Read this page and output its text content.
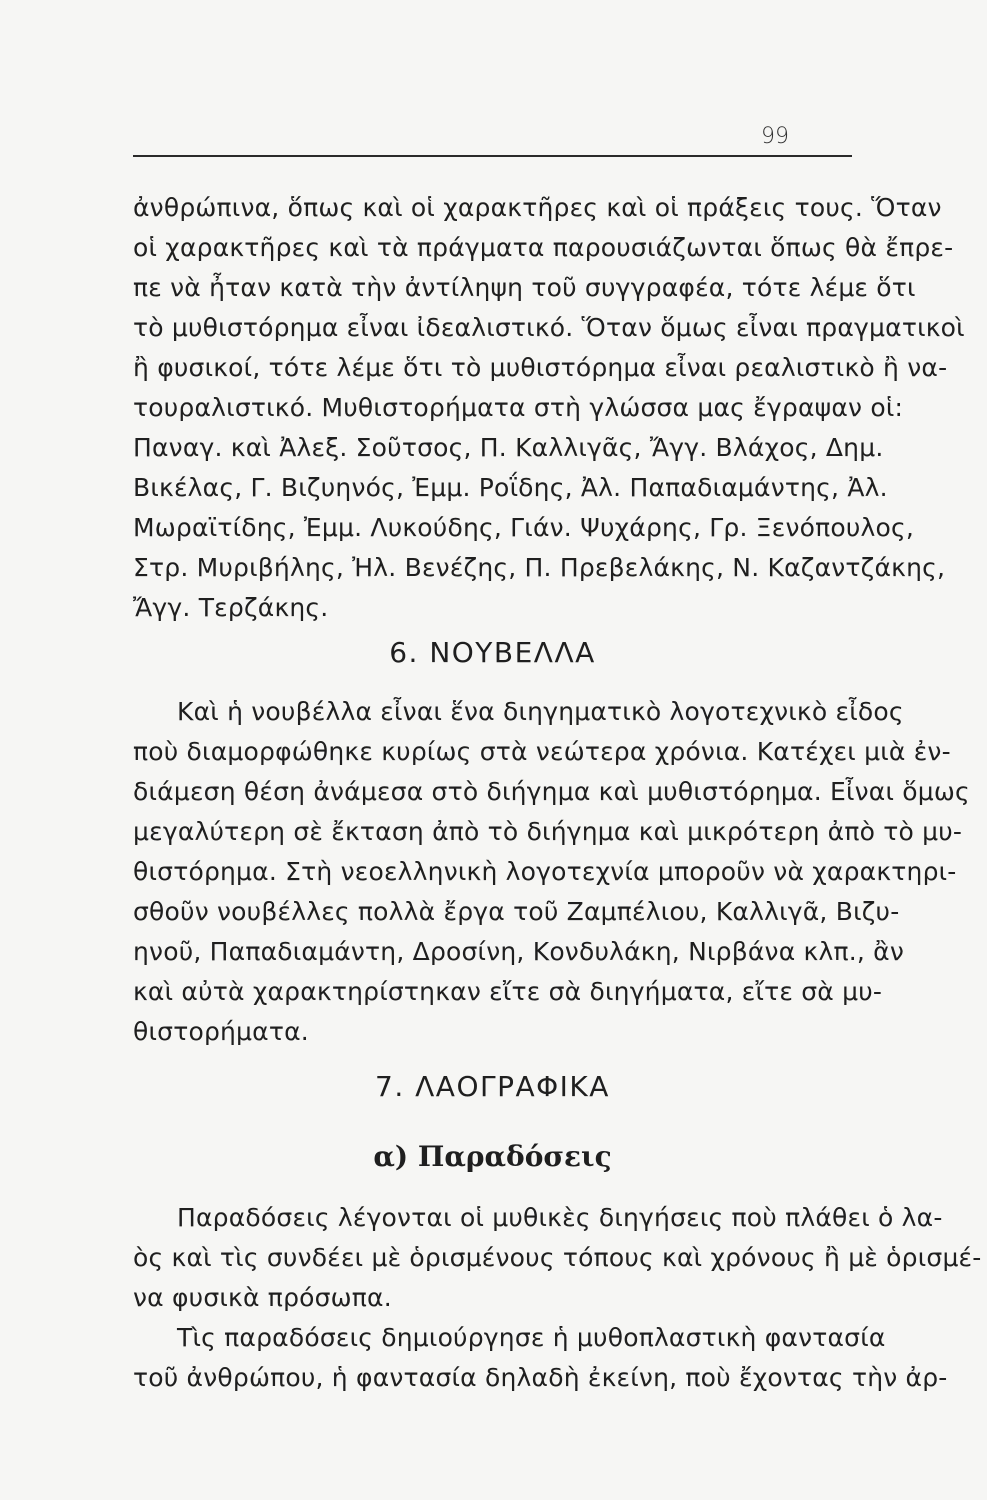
99
ἀνθρώπινα, ὅπως καὶ οἱ χαρακτῆρες καὶ οἱ πράξεις τους. Ὅταν
οἱ χαρακτῆρες καὶ τὰ πράγματα παρουσιάζωνται ὅπως θὰ ἔπρε-
πε νὰ ἦταν κατὰ τὴν ἀντίληψη τοῦ συγγραφέα, τότε λέμε ὅτι
τὸ μυθιστόρημα εἶναι ἰδεαλιστικό. Ὅταν ὅμως εἶναι πραγματικοὶ
ἢ φυσικοί, τότε λέμε ὅτι τὸ μυθιστόρημα εἶναι ρεαλιστικὸ ἢ να-
τουραλιστικό. Μυθιστορήματα στὴ γλώσσα μας ἔγραψαν οἱ:
Παναγ. καὶ Ἀλεξ. Σοῦτσος, Π. Καλλιγᾶς, Ἄγγ. Βλάχος, Δημ.
Βικέλας, Γ. Βιζυηνός, Ἐμμ. Ροΐδης, Ἀλ. Παπαδιαμάντης, Ἀλ.
Μωραϊτίδης, Ἐμμ. Λυκούδης, Γιάν. Ψυχάρης, Γρ. Ξενόπουλος,
Στρ. Μυριβήλης, Ἠλ. Βενέζης, Π. Πρεβελάκης, Ν. Καζαντζάκης,
Ἄγγ. Τερζάκης.
6. ΝΟΥΒΕΛΛΑ
Καὶ ἡ νουβέλλα εἶναι ἕνα διηγηματικὸ λογοτεχνικὸ εἶδος
ποὺ διαμορφώθηκε κυρίως στὰ νεώτερα χρόνια. Κατέχει μιὰ ἐν-
διάμεση θέση ἀνάμεσα στὸ διήγημα καὶ μυθιστόρημα. Εἶναι ὅμως
μεγαλύτερη σὲ ἔκταση ἀπὸ τὸ διήγημα καὶ μικρότερη ἀπὸ τὸ μυ-
θιστόρημα. Στὴ νεοελληνικὴ λογοτεχνία μποροῦν νὰ χαρακτηρι-
σθοῦν νουβέλλες πολλὰ ἔργα τοῦ Ζαμπέλιου, Καλλιγᾶ, Βιζυ-
ηνοῦ, Παπαδιαμάντη, Δροσίνη, Κονδυλάκη, Νιρβάνα κλπ., ἂν
καὶ αὐτὰ χαρακτηρίστηκαν εἴτε σὰ διηγήματα, εἴτε σὰ μυ-
θιστορήματα.
7. ΛΑΟΓΡΑΦΙΚΑ
α) Παραδόσεις
Παραδόσεις λέγονται οἱ μυθικὲς διηγήσεις ποὺ πλάθει ὁ λα-
ὸς καὶ τὶς συνδέει μὲ ὁρισμένους τόπους καὶ χρόνους ἢ μὲ ὁρισμέ-
να φυσικὰ πρόσωπα.
Τὶς παραδόσεις δημιούργησε ἡ μυθοπλαστικὴ φαντασία
τοῦ ἀνθρώπου, ἡ φαντασία δηλαδὴ ἐκείνη, ποὺ ἔχοντας τὴν ἀρ-
